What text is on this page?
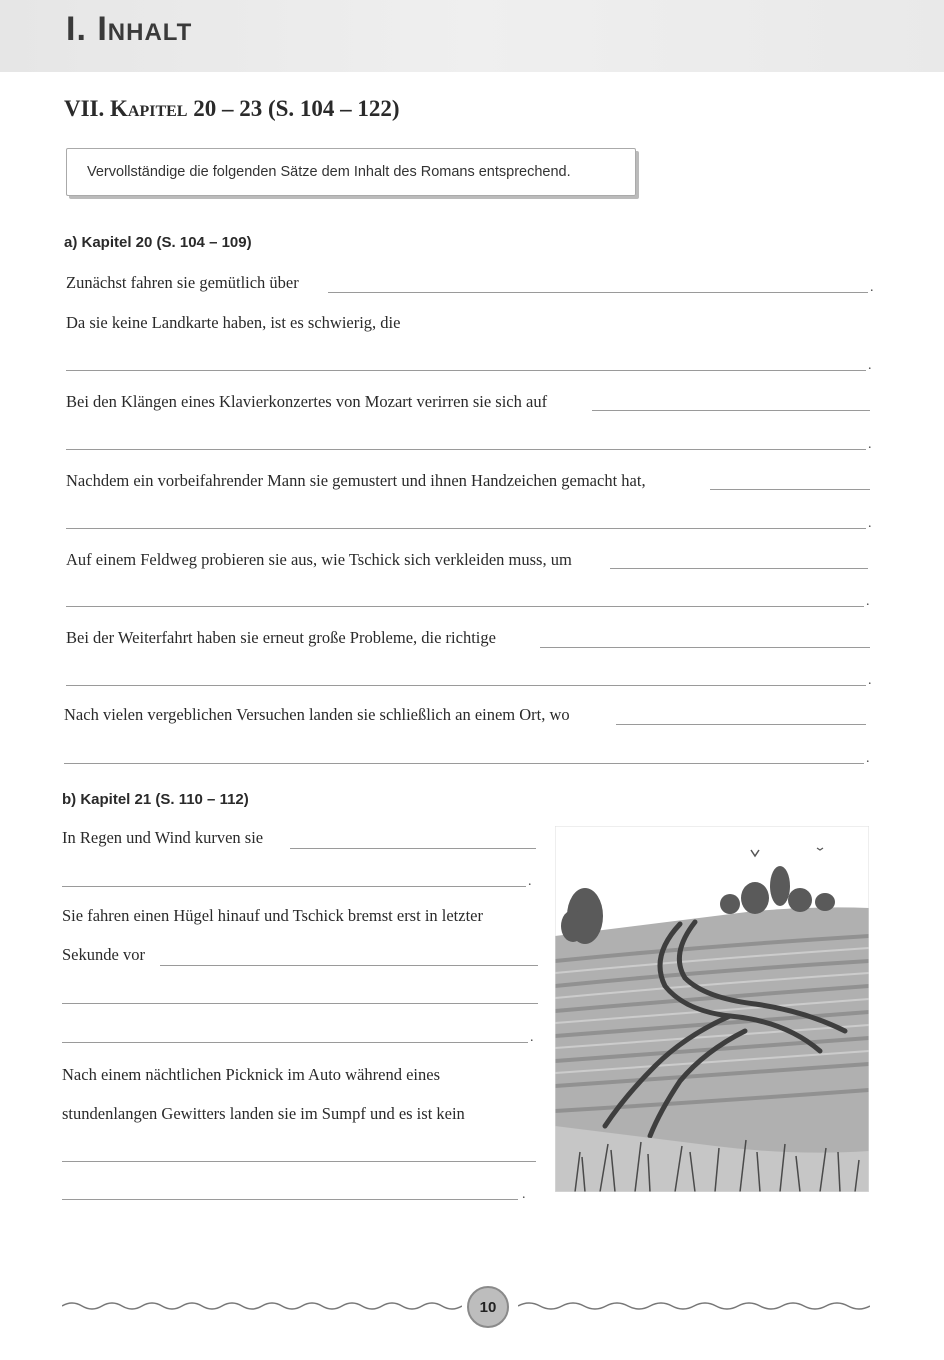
I. Inhalt
VII. Kapitel 20 – 23 (S. 104 – 122)
Vervollständige die folgenden Sätze dem Inhalt des Romans entsprechend.
a) Kapitel 20 (S. 104 – 109)
Zunächst fahren sie gemütlich über	.
Da sie keine Landkarte haben, ist es schwierig, die
.
Bei den Klängen eines Klavierkonzertes von Mozart verirren sie sich auf
.
Nachdem ein vorbeifahrender Mann sie gemustert und ihnen Handzeichen gemacht hat,
.
Auf einem Feldweg probieren sie aus, wie Tschick sich verkleiden muss, um
.
Bei der Weiterfahrt haben sie erneut große Probleme, die richtige
.
Nach vielen vergeblichen Versuchen landen sie schließlich an einem Ort, wo
.
b) Kapitel 21 (S. 110 – 112)
In Regen und Wind kurven sie
.
Sie fahren einen Hügel hinauf und Tschick bremst erst in letzter
Sekunde vor
.
Nach einem nächtlichen Picknick im Auto während eines
stundenlangen Gewitters landen sie im Sumpf und es ist kein
.
10
